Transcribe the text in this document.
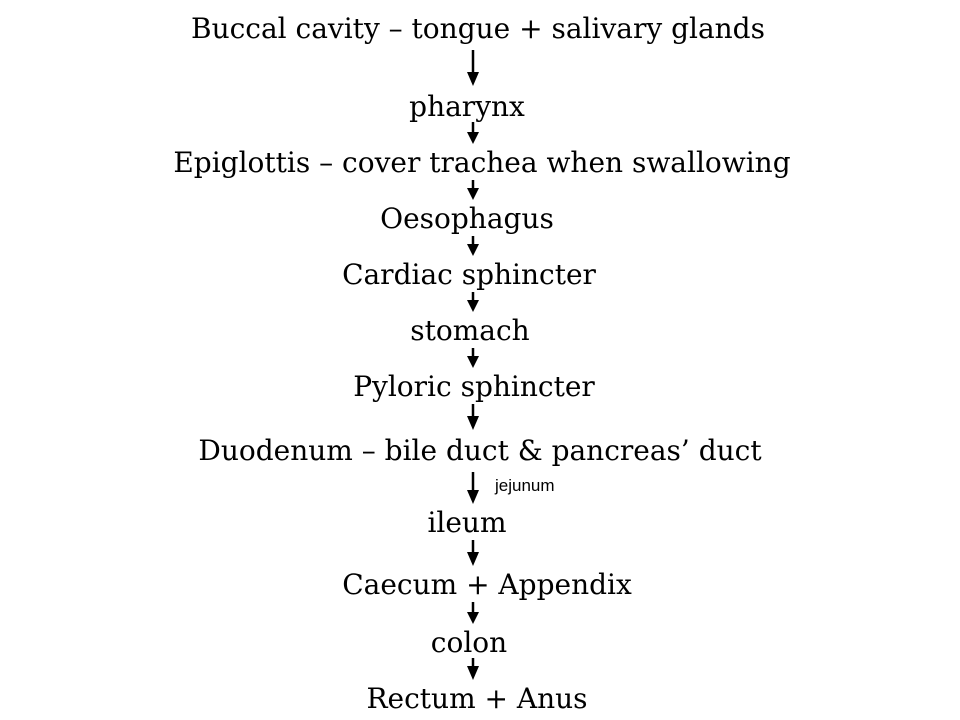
Buccal cavity – tongue + salivary glands
pharynx
Epiglottis – cover trachea when swallowing
Oesophagus
Cardiac sphincter
stomach
Pyloric sphincter
Duodenum – bile duct & pancreas’ duct
ileum
Caecum + Appendix
colon
Rectum + Anus
jejunum
